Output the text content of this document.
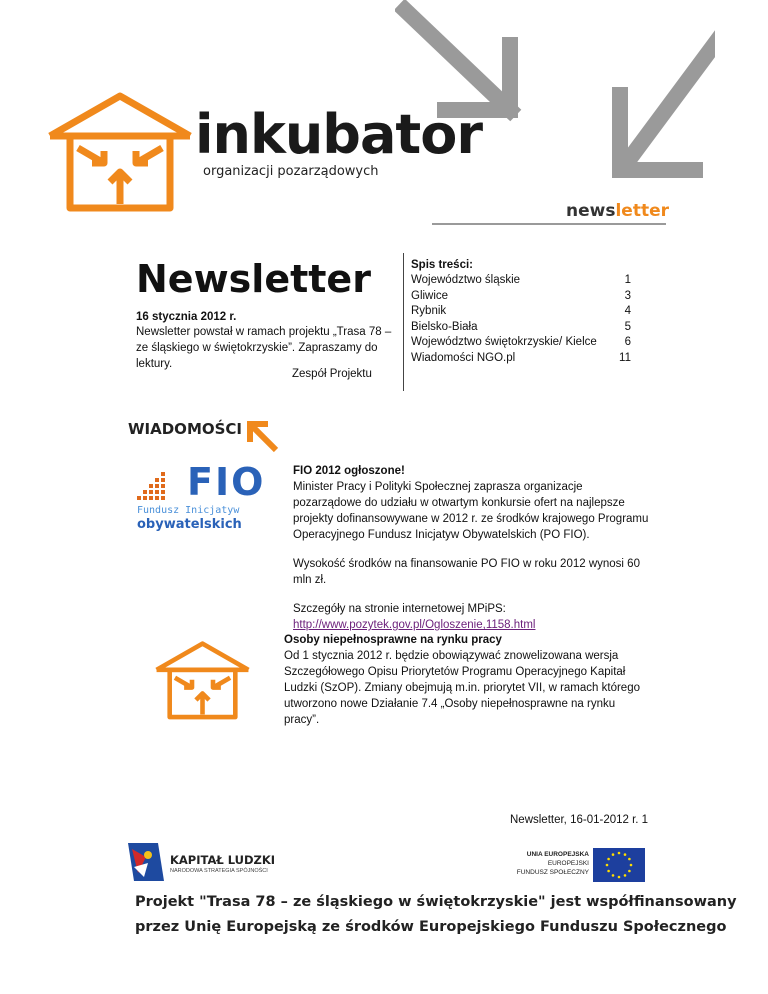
inkubator
organizacji pozarządowych
newsletter
Newsletter
16 stycznia 2012 r.
Newsletter powstał w ramach projektu „Trasa 78 – ze śląskiego w świętokrzyskie”. Zapraszamy do lektury.
Zespół Projektu
Spis treści:
Województwo śląskie	1
Gliwice	3
Rybnik	4
Bielsko-Biała	5
Województwo świętokrzyskie/ Kielce 6
Wiadomości NGO.pl	11
WIADOMOŚCI
FIO
Fundusz Inicjatyw
obywatelskich

FIO 2012 ogłoszone!

Minister Pracy i Polityki Społecznej zaprasza organizacje pozarządowe do udziału w otwartym konkursie ofert na najlepsze projekty dofinansowywane w 2012 r. ze środków krajowego Programu Operacyjnego Fundusz Inicjatyw Obywatelskich (PO FIO).

Wysokość środków na finansowanie PO FIO w roku 2012 wynosi 60 mln zł.

Szczegóły na stronie internetowej MPiPS:

http://www.pozytek.gov.pl/Ogloszenie,1158.html

Osoby niepełnosprawne na rynku pracy

Od 1 stycznia 2012 r. będzie obowiązywać znowelizowana wersja Szczegółowego Opisu Priorytetów Programu Operacyjnego Kapitał Ludzki (SzOP). Zmiany obejmują m.in. priorytet VII, w ramach którego utworzono nowe Działanie 7.4 „Osoby niepełnosprawne na rynku pracy”.

Newsletter, 16-01-2012 r. 1
KAPITAŁ LUDZKI
NARODOWA STRATEGIA SPÓJNOŚCI
UNIA EUROPEJSKA
EUROPEJSKI
FUNDUSZ SPOŁECZNY
Projekt "Trasa 78 – ze śląskiego w świętokrzyskie" jest współfinansowany
przez Unię Europejską ze środków Europejskiego Funduszu Społecznego
